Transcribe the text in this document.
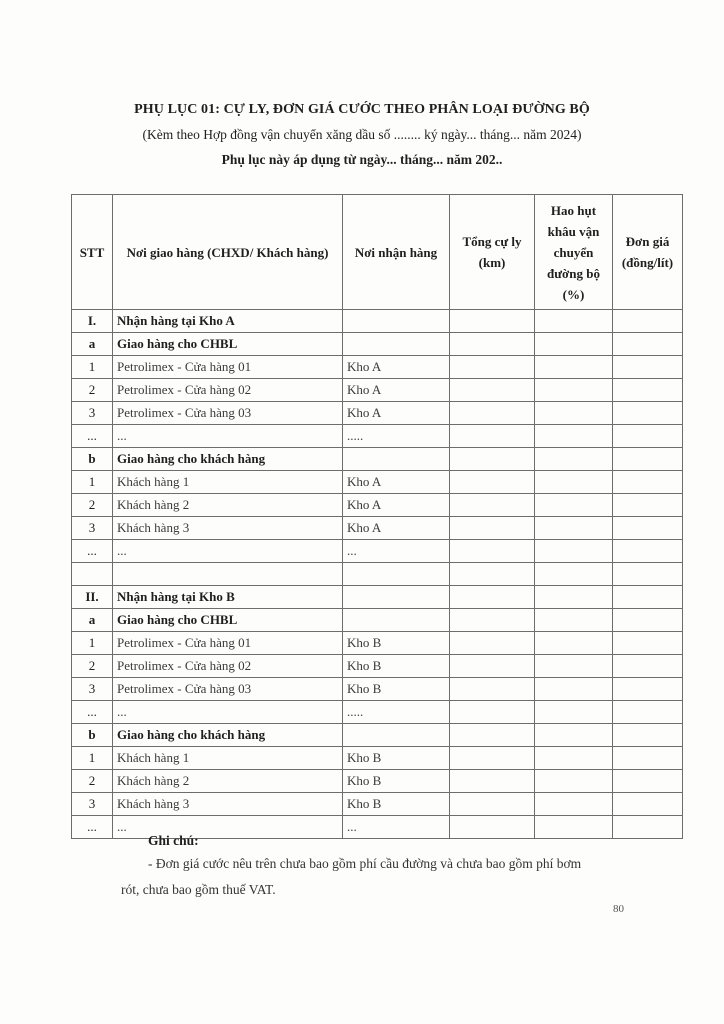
PHỤ LỤC 01: CỰ LY, ĐƠN GIÁ CƯỚC THEO PHÂN LOẠI ĐƯỜNG BỘ
(Kèm theo Hợp đồng vận chuyển xăng dầu số ........ ký ngày... tháng... năm 2024)
Phụ lục này áp dụng từ ngày... tháng... năm 202..
STT	Nơi giao hàng (CHXD/ Khách hàng)	Nơi nhận hàng	Tổng cự ly (km)	Hao hụt khâu vận chuyển đường bộ (%)	Đơn giá (đồng/lít)
I.	Nhận hàng tại Kho A				
a	Giao hàng cho CHBL				
1	Petrolimex - Cửa hàng 01	Kho A			
2	Petrolimex - Cửa hàng 02	Kho A			
3	Petrolimex - Cửa hàng 03	Kho A			
...	...	.....			
b	Giao hàng cho khách hàng				
1	Khách hàng 1	Kho A			
2	Khách hàng 2	Kho A			
3	Khách hàng 3	Kho A			
...	...	...			

II.	Nhận hàng tại Kho B				
a	Giao hàng cho CHBL				
1	Petrolimex - Cửa hàng 01	Kho B			
2	Petrolimex - Cửa hàng 02	Kho B			
3	Petrolimex - Cửa hàng 03	Kho B			
...	...	.....			
b	Giao hàng cho khách hàng				
1	Khách hàng 1	Kho B			
2	Khách hàng 2	Kho B			
3	Khách hàng 3	Kho B			
...	...	...			
Ghi chú:
- Đơn giá cước nêu trên chưa bao gồm phí cầu đường và chưa bao gồm phí bơm
rót, chưa bao gồm thuế VAT.
80
